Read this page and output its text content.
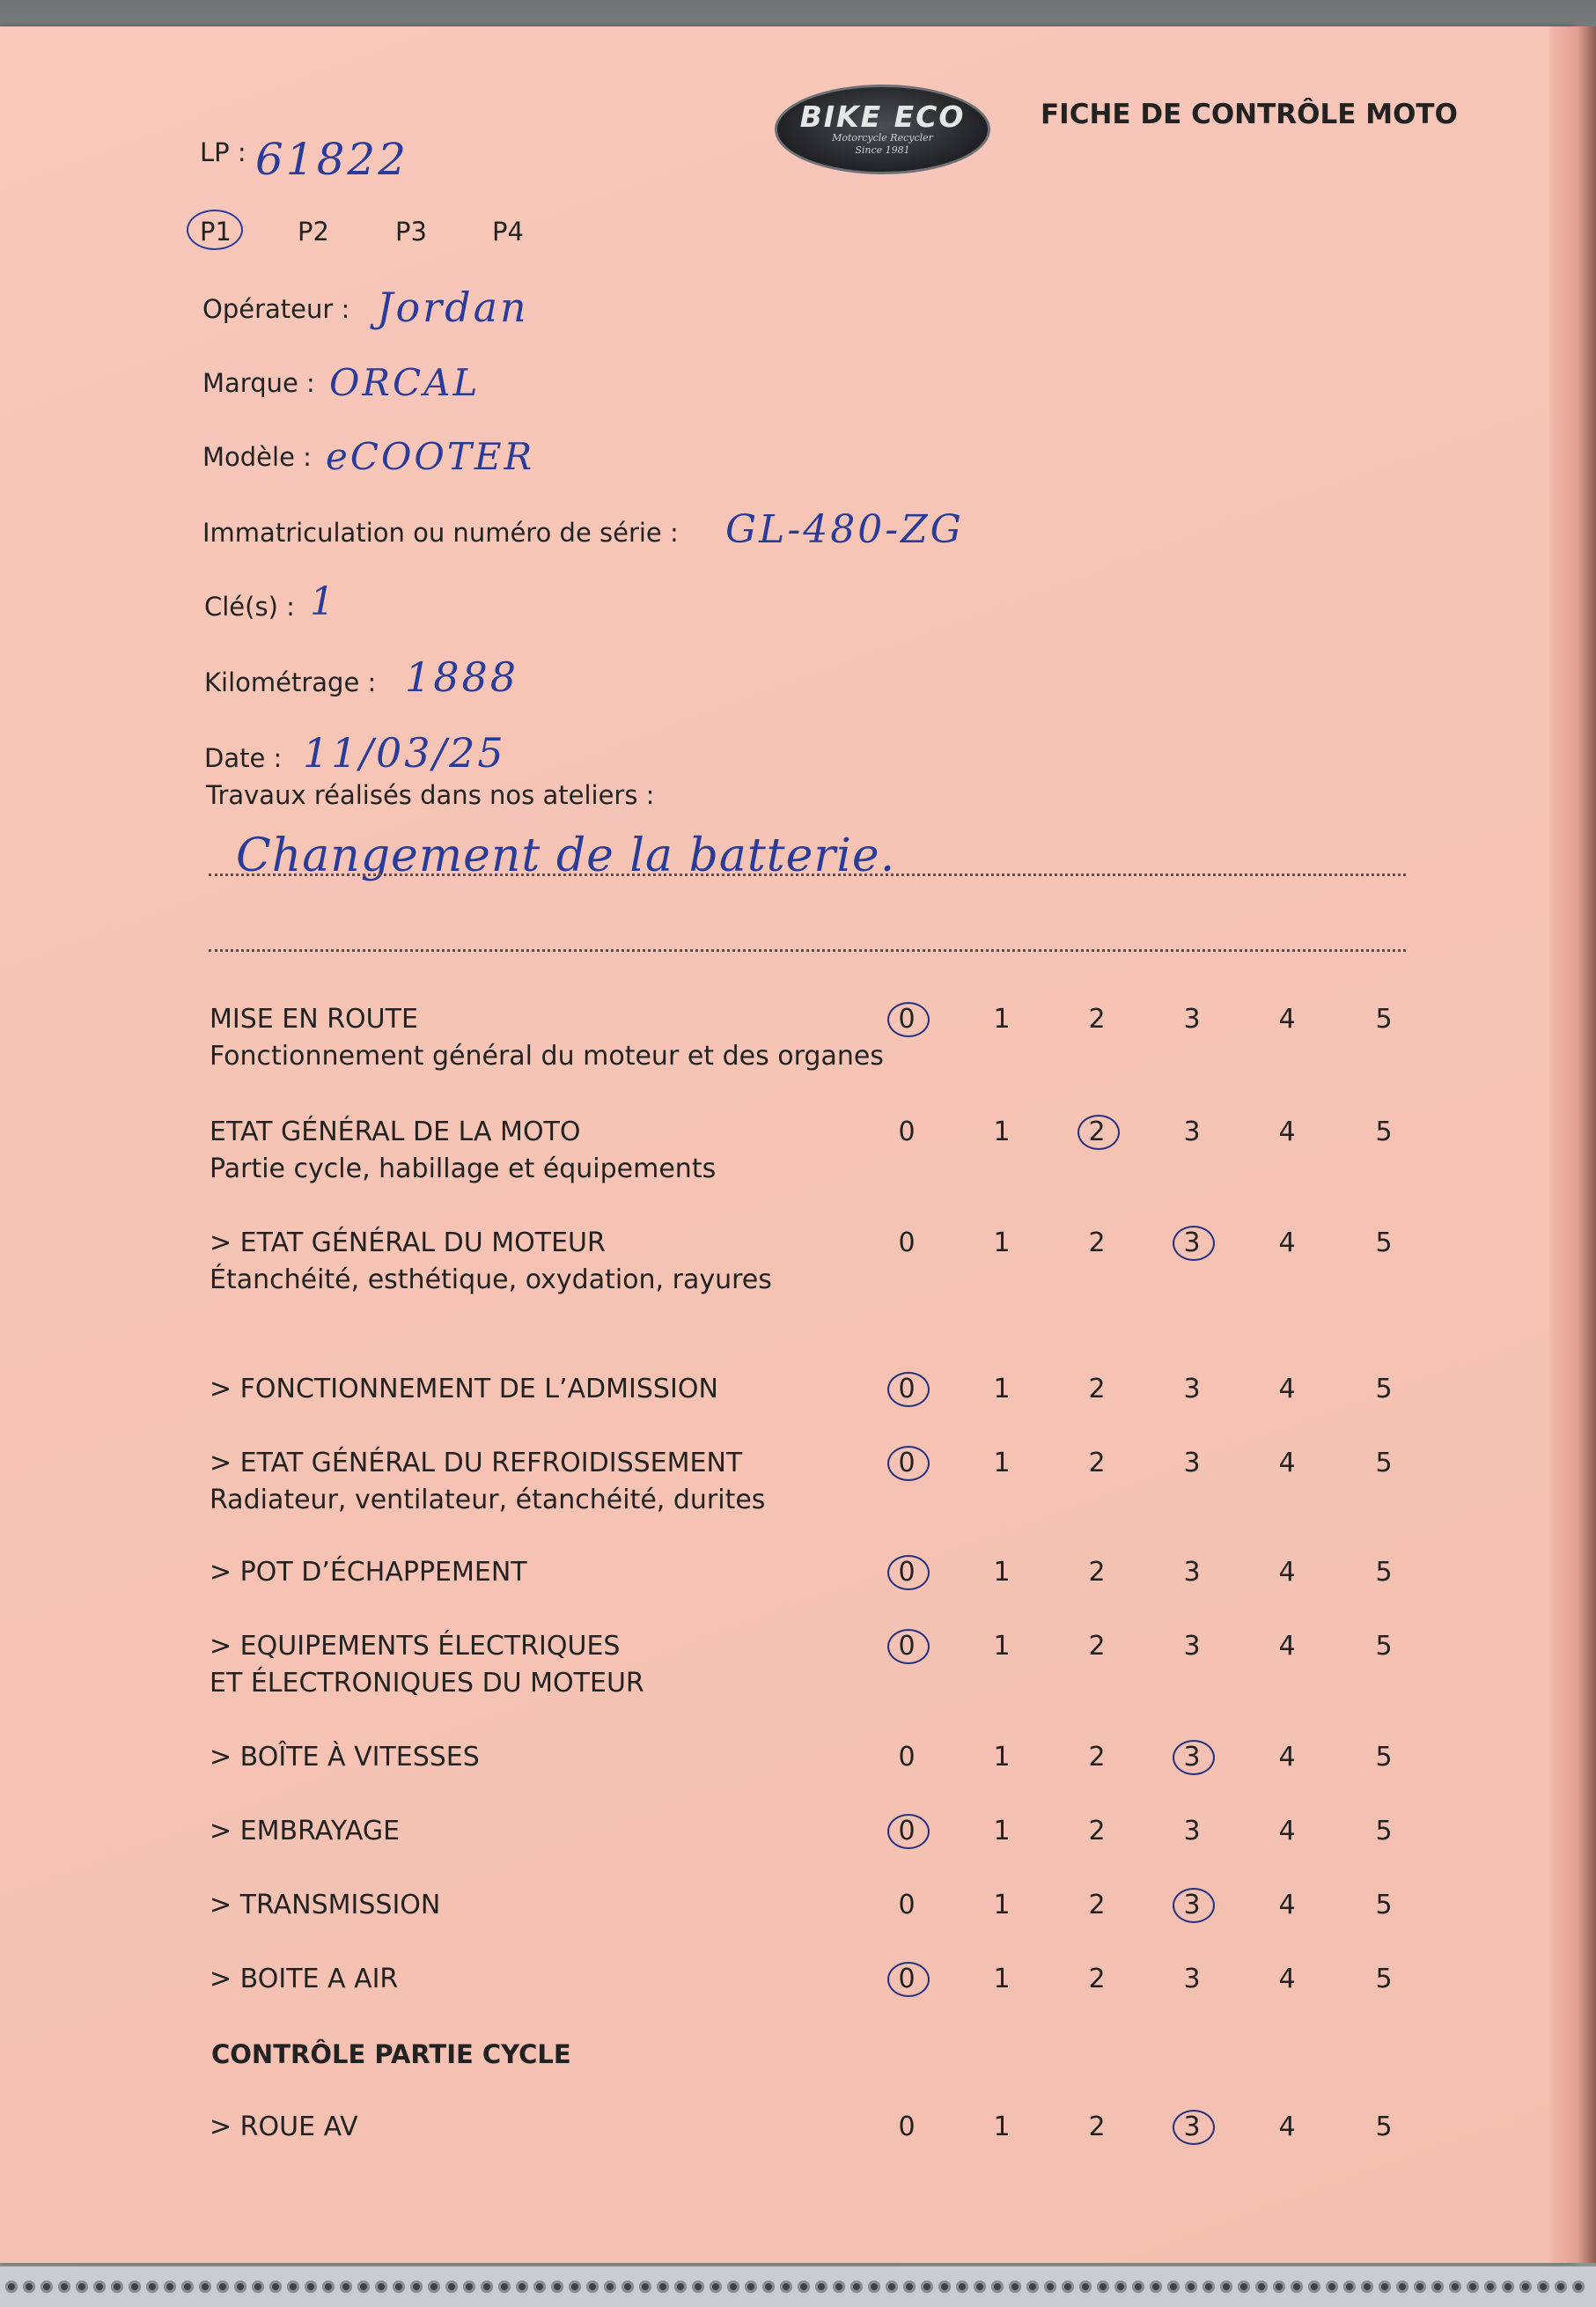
BIKE ECO
Motorcycle Recycler
Since 1981
FICHE DE CONTRÔLE MOTO
LP : 61822
P1	P2	P3	P4
Opérateur : Jordan
Marque : ORCAL
Modèle : eCOOTER
Immatriculation ou numéro de série : GL-480-ZG
Clé(s) : 1
Kilométrage : 1888
Date : 11/03/25
Travaux réalisés dans nos ateliers :
Changement de la batterie.
MISE EN ROUTE
Fonctionnement général du moteur et des organes
0	1	2	3	4	5
ETAT GÉNÉRAL DE LA MOTO
Partie cycle, habillage et équipements
0	1	2	3	4	5
> ETAT GÉNÉRAL DU MOTEUR
Étanchéité, esthétique, oxydation, rayures
0	1	2	3	4	5
> FONCTIONNEMENT DE L’ADMISSION	0	1	2	3	4	5
> ETAT GÉNÉRAL DU REFROIDISSEMENT
Radiateur, ventilateur, étanchéité, durites
0	1	2	3	4	5
> POT D’ÉCHAPPEMENT	0	1	2	3	4	5
> EQUIPEMENTS ÉLECTRIQUES
ET ÉLECTRONIQUES DU MOTEUR
0	1	2	3	4	5
> BOÎTE À VITESSES	0	1	2	3	4	5
> EMBRAYAGE	0	1	2	3	4	5
> TRANSMISSION	0	1	2	3	4	5
> BOITE A AIR	0	1	2	3	4	5
> ROUE AV	0	1	2	3	4	5
CONTRÔLE PARTIE CYCLE
